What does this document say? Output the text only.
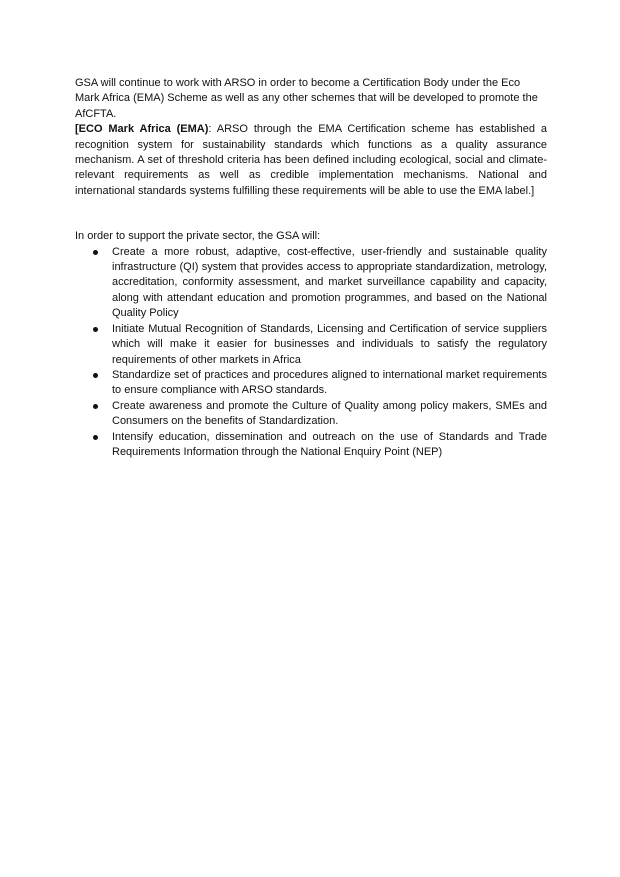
GSA will continue to work with ARSO in order to become a Certification Body under the Eco Mark Africa (EMA) Scheme as well as any other schemes that will be developed to promote the AfCFTA.

[ECO Mark Africa (EMA): ARSO through the EMA Certification scheme has established a recognition system for sustainability standards which functions as a quality assurance mechanism. A set of threshold criteria has been defined including ecological, social and climate-relevant requirements as well as credible implementation mechanisms. National and international standards systems fulfilling these requirements will be able to use the EMA label.]

In order to support the private sector, the GSA will:

Create a more robust, adaptive, cost-effective, user-friendly and sustainable quality infrastructure (QI) system that provides access to appropriate standardization, metrology, accreditation, conformity assessment, and market surveillance capability and capacity, along with attendant education and promotion programmes, and based on the National Quality Policy
Initiate Mutual Recognition of Standards, Licensing and Certification of service suppliers which will make it easier for businesses and individuals to satisfy the regulatory requirements of other markets in Africa
Standardize set of practices and procedures aligned to international market requirements to ensure compliance with ARSO standards.
Create awareness and promote the Culture of Quality among policy makers, SMEs and Consumers on the benefits of Standardization.
Intensify education, dissemination and outreach on the use of Standards and Trade Requirements Information through the National Enquiry Point (NEP)
